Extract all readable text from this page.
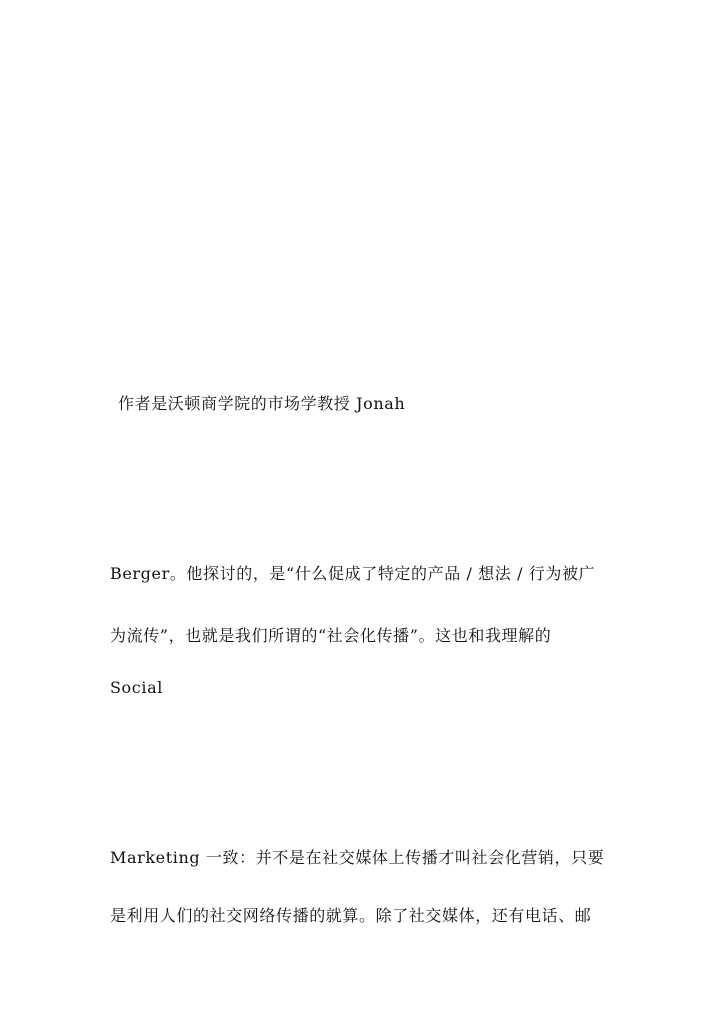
作者是沃顿商学院的市场学教授 Jonah
Berger。他探讨的，是“什么促成了特定的产品 / 想法 / 行为被广
为流传”，也就是我们所谓的“社会化传播”。这也和我理解的
Social
Marketing 一致：并不是在社交媒体上传播才叫社会化营销，只要
是利用人们的社交网络传播的就算。除了社交媒体，还有电话、邮
